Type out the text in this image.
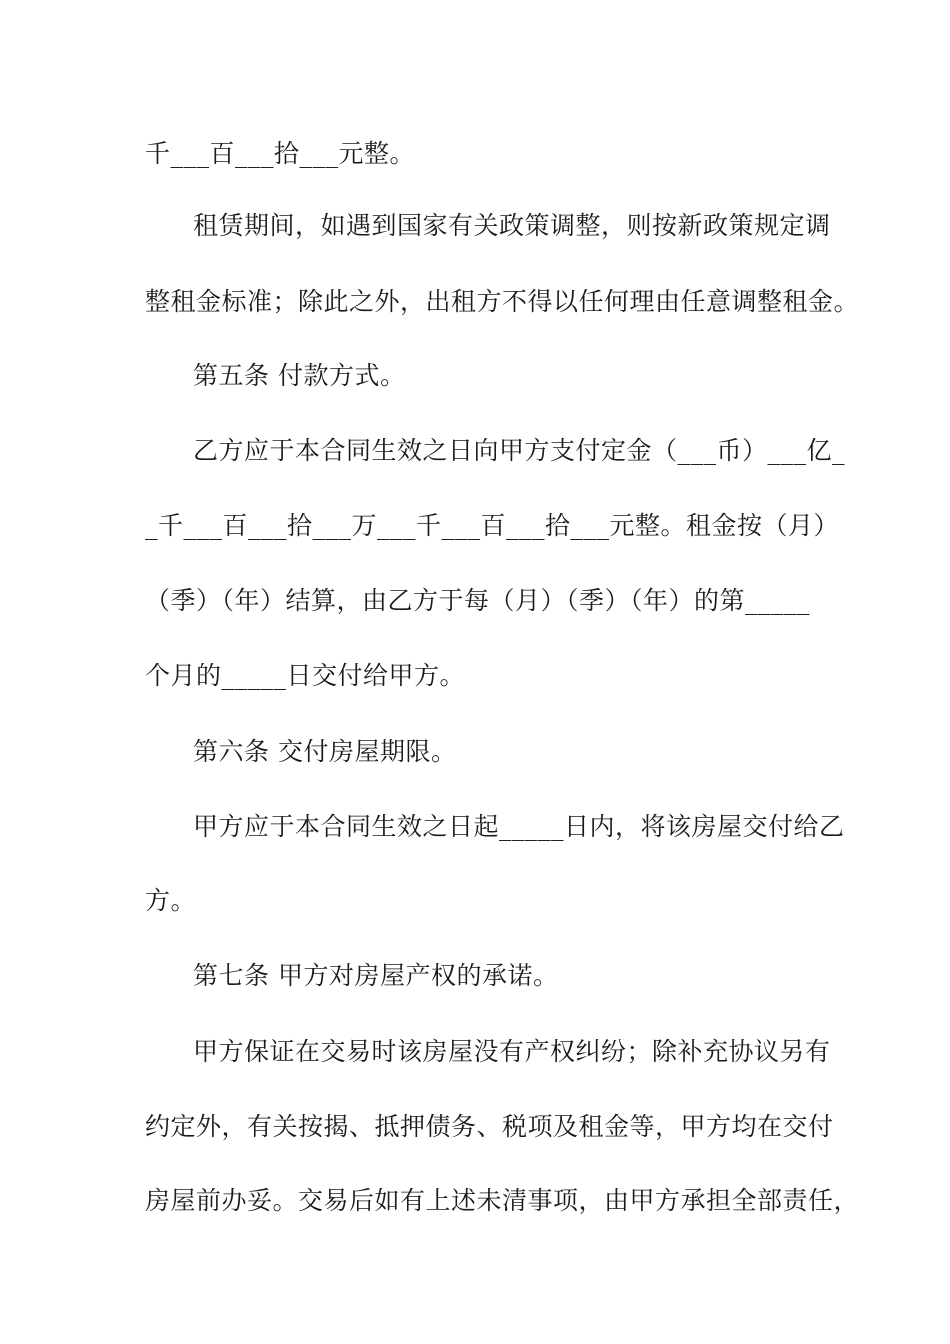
千___百___拾___元整。
租赁期间，如遇到国家有关政策调整，则按新政策规定调
整租金标准；除此之外，出租方不得以任何理由任意调整租金。
第五条 付款方式。
乙方应于本合同生效之日向甲方支付定金（___币）___亿_
_千___百___拾___万___千___百___拾___元整。租金按（月）
（季）（年）结算，由乙方于每（月）（季）（年）的第_____
个月的_____日交付给甲方。
第六条 交付房屋期限。
甲方应于本合同生效之日起_____日内，将该房屋交付给乙
方。
第七条 甲方对房屋产权的承诺。
甲方保证在交易时该房屋没有产权纠纷；除补充协议另有
约定外，有关按揭、抵押债务、税项及租金等，甲方均在交付
房屋前办妥。交易后如有上述未清事项，由甲方承担全部责任，
